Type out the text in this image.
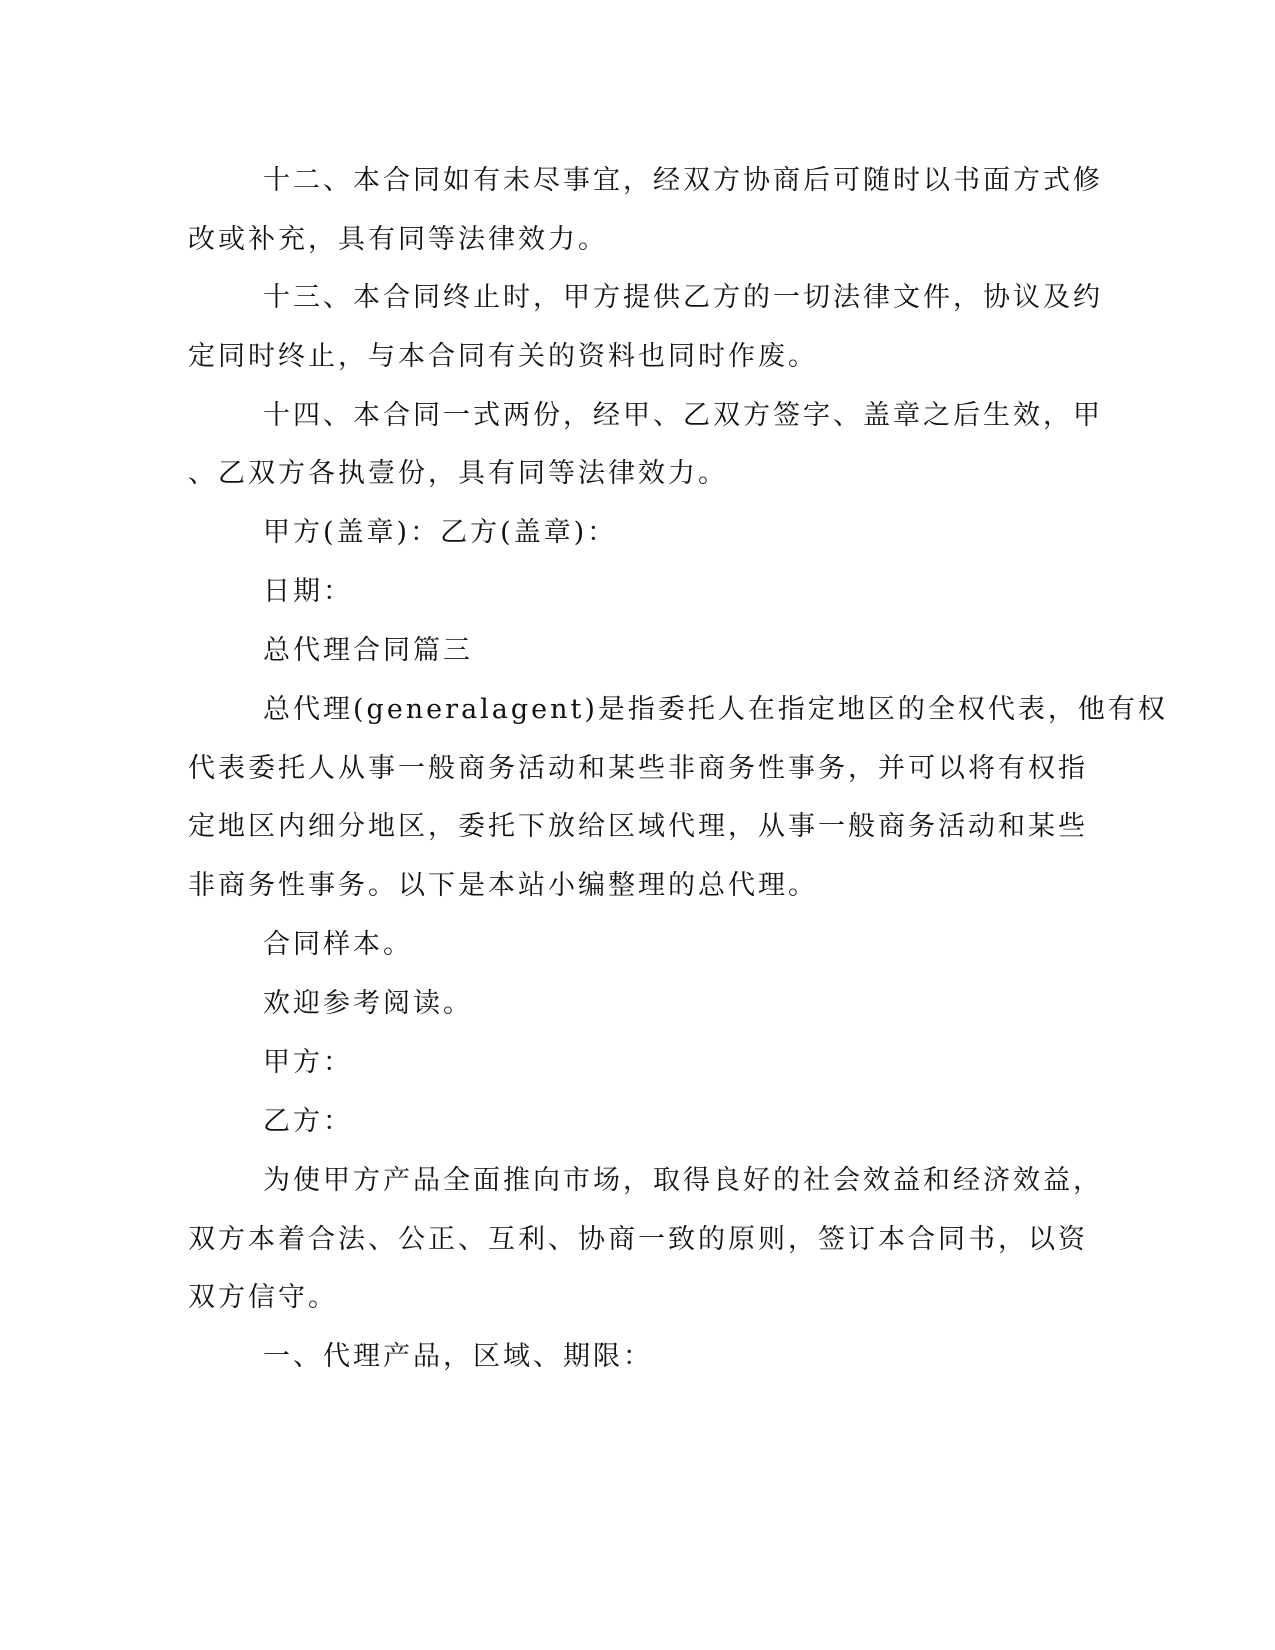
十二、本合同如有未尽事宜，经双方协商后可随时以书面方式修
改或补充，具有同等法律效力。
十三、本合同终止时，甲方提供乙方的一切法律文件，协议及约
定同时终止，与本合同有关的资料也同时作废。
十四、本合同一式两份，经甲、乙双方签字、盖章之后生效，甲
、乙双方各执壹份，具有同等法律效力。
甲方(盖章)：乙方(盖章)：
日期：
总代理合同篇三
总代理(generalagent)是指委托人在指定地区的全权代表，他有权
代表委托人从事一般商务活动和某些非商务性事务，并可以将有权指
定地区内细分地区，委托下放给区域代理，从事一般商务活动和某些
非商务性事务。以下是本站小编整理的总代理。
合同样本。
欢迎参考阅读。
甲方：
乙方：
为使甲方产品全面推向市场，取得良好的社会效益和经济效益，
双方本着合法、公正、互利、协商一致的原则，签订本合同书，以资
双方信守。
一、代理产品，区域、期限：
